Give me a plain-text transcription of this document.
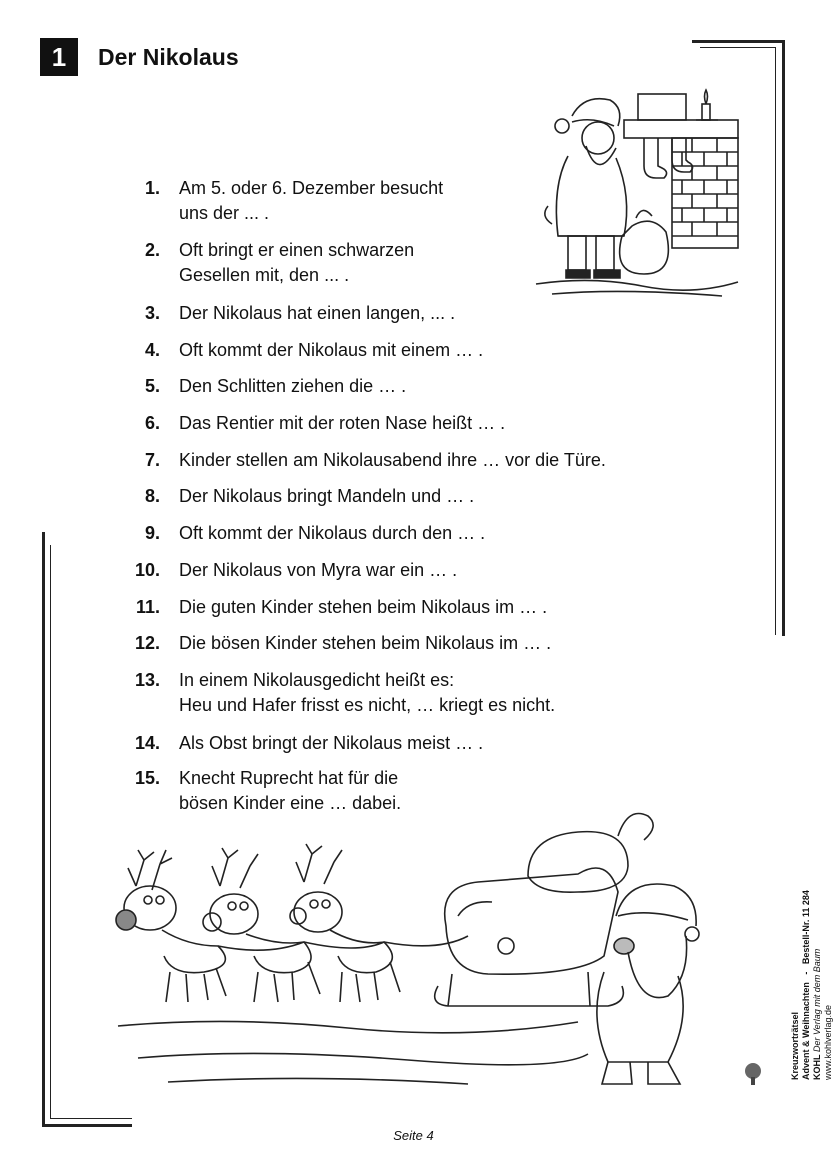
1 Der Nikolaus
1. Am 5. oder 6. Dezember besucht
uns der ... .
2. Oft bringt er einen schwarzen
Gesellen mit, den ... .
3. Der Nikolaus hat einen langen, ... .
4. Oft kommt der Nikolaus mit einem … .
5. Den Schlitten ziehen die … .
6. Das Rentier mit der roten Nase heißt … .
7. Kinder stellen am Nikolausabend ihre … vor die Türe.
8. Der Nikolaus bringt Mandeln und … .
9. Oft kommt der Nikolaus durch den … .
10. Der Nikolaus von Myra war ein … .
11. Die guten Kinder stehen beim Nikolaus im … .
12. Die bösen Kinder stehen beim Nikolaus im … .
13. In einem Nikolausgedicht heißt es:
Heu und Hafer frisst es nicht, … kriegt es nicht.
14. Als Obst bringt der Nikolaus meist … .
15. Knecht Ruprecht hat für die
bösen Kinder eine … dabei.
Kreuzworträtsel Advent & Weihnachten   -   Bestell-Nr. 11 284
KOHL Der Verlag mit dem Baum www.kohlverlag.de
Seite 4
